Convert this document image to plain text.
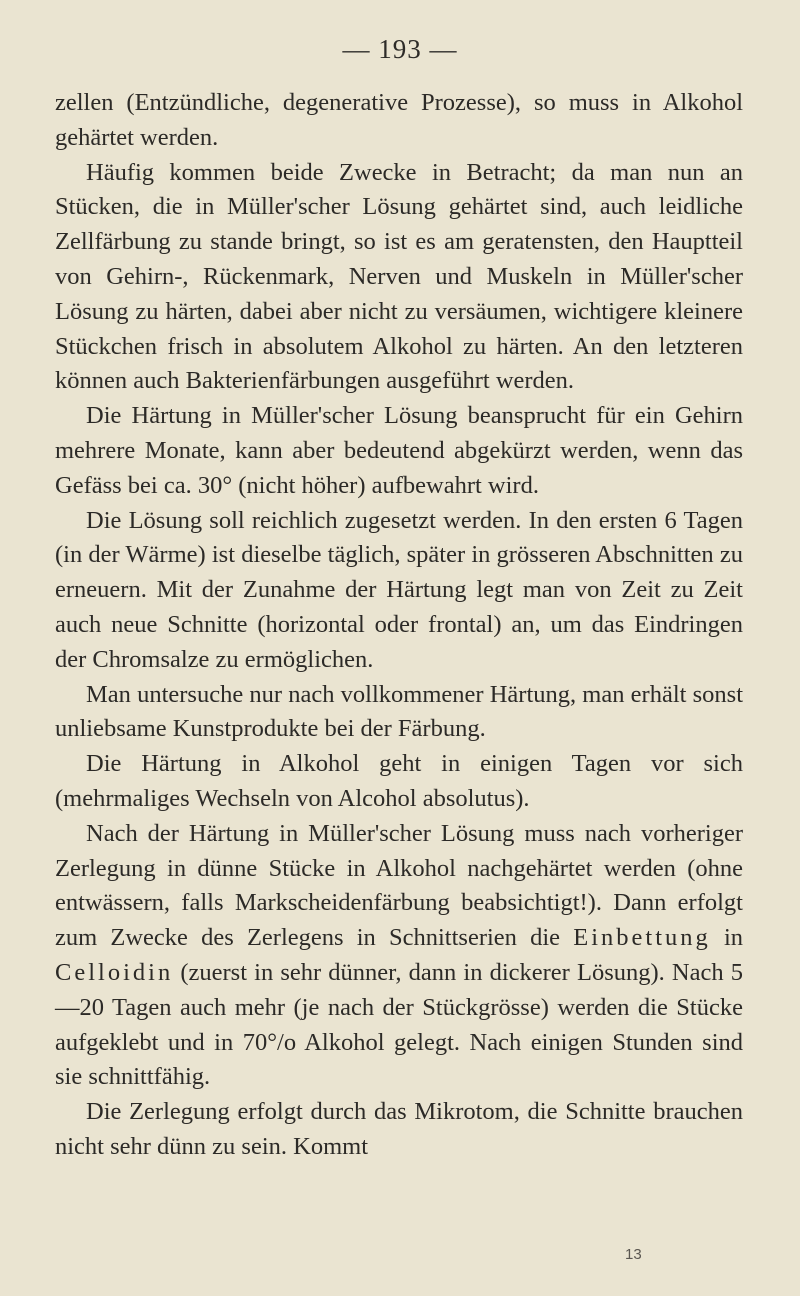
— 193 —

zellen (Entzündliche, degenerative Prozesse), so muss in Alkohol gehärtet werden.

Häufig kommen beide Zwecke in Betracht; da man nun an Stücken, die in Müller'scher Lösung gehärtet sind, auch leidliche Zellfärbung zu stande bringt, so ist es am geratensten, den Hauptteil von Gehirn-, Rückenmark, Nerven und Muskeln in Müller'scher Lösung zu härten, dabei aber nicht zu versäumen, wichtigere kleinere Stückchen frisch in absolutem Alkohol zu härten. An den letzteren können auch Bakterienfärbungen ausgeführt werden.

Die Härtung in Müller'scher Lösung beansprucht für ein Gehirn mehrere Monate, kann aber bedeutend abgekürzt werden, wenn das Gefäss bei ca. 30° (nicht höher) aufbewahrt wird.

Die Lösung soll reichlich zugesetzt werden. In den ersten 6 Tagen (in der Wärme) ist dieselbe täglich, später in grösseren Abschnitten zu erneuern. Mit der Zunahme der Härtung legt man von Zeit zu Zeit auch neue Schnitte (horizontal oder frontal) an, um das Eindringen der Chromsalze zu ermöglichen.

Man untersuche nur nach vollkommener Härtung, man erhält sonst unliebsame Kunstprodukte bei der Färbung.

Die Härtung in Alkohol geht in einigen Tagen vor sich (mehrmaliges Wechseln von Alcohol absolutus).

Nach der Härtung in Müller'scher Lösung muss nach vorheriger Zerlegung in dünne Stücke in Alkohol nachgehärtet werden (ohne entwässern, falls Markscheidenfärbung beabsichtigt!). Dann erfolgt zum Zwecke des Zerlegens in Schnittserien die Einbettung in Celloidin (zuerst in sehr dünner, dann in dickerer Lösung). Nach 5—20 Tagen auch mehr (je nach der Stückgrösse) werden die Stücke aufgeklebt und in 70°/o Alkohol gelegt. Nach einigen Stunden sind sie schnittfähig.

Die Zerlegung erfolgt durch das Mikrotom, die Schnitte brauchen nicht sehr dünn zu sein. Kommt

13
